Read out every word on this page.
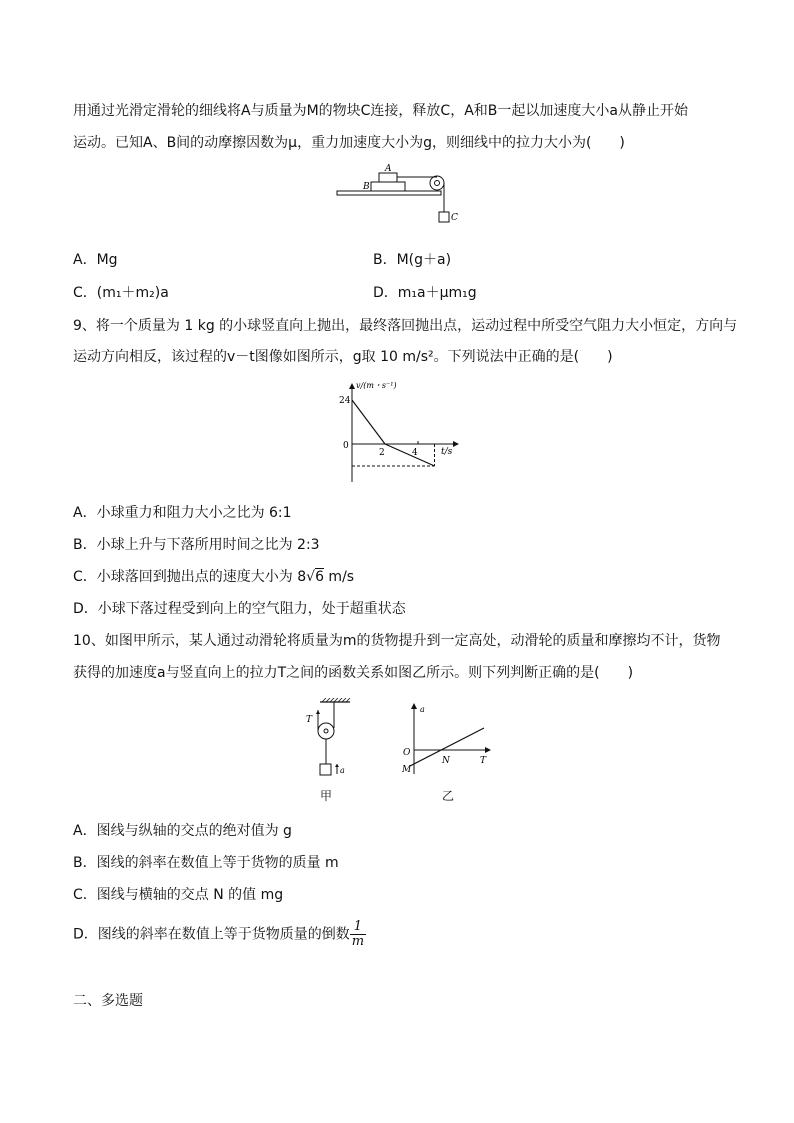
用通过光滑定滑轮的细线将A与质量为M的物块C连接，释放C，A和B一起以加速度大小a从静止开始
运动。已知A、B间的动摩擦因数为μ，重力加速度大小为g，则细线中的拉力大小为(　　)
A
B
C
A．Mg	B．M(g＋a)
C．(m₁＋m₂)a	D．m₁a＋μm₁g
9、将一个质量为 1 kg 的小球竖直向上抛出，最终落回抛出点，运动过程中所受空气阻力大小恒定，方向与
运动方向相反，该过程的v－t图像如图所示，g取 10 m/s²。下列说法中正确的是(　　)
v/(m・s⁻¹)
t/s
24
0
2	4
A．小球重力和阻力大小之比为 6:1
B．小球上升与下落所用时间之比为 2:3
C．小球落回到抛出点的速度大小为 8√6 m/s
D．小球下落过程受到向上的空气阻力，处于超重状态
10、如图甲所示，某人通过动滑轮将质量为m的货物提升到一定高处，动滑轮的质量和摩擦均不计，货物
获得的加速度a与竖直向上的拉力T之间的函数关系如图乙所示。则下列判断正确的是(　　)
T
a
甲
a
O
M
N	T
乙
A．图线与纵轴的交点的绝对值为 g
B．图线的斜率在数值上等于货物的质量 m
C．图线与横轴的交点 N 的值 mg
D．图线的斜率在数值上等于货物质量的倒数 $\frac{1}{m}$
二、多选题
